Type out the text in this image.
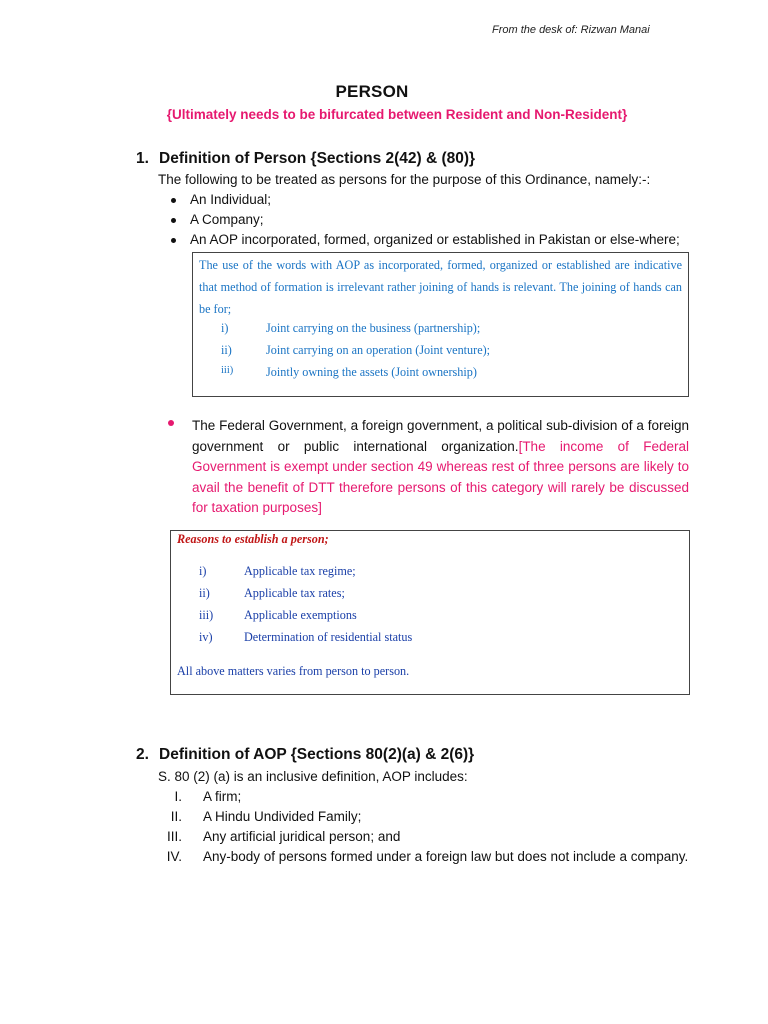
From the desk of: Rizwan Manai
PERSON
{Ultimately needs to be bifurcated between Resident and Non-Resident}
1. Definition of Person {Sections 2(42) & (80)}
The following to be treated as persons for the purpose of this Ordinance, namely:-:
An Individual;
A Company;
An AOP incorporated, formed, organized or established in Pakistan or else-where;
The use of the words with AOP as incorporated, formed, organized or established are indicative that method of formation is irrelevant rather joining of hands is relevant. The joining of hands can be for;
i)	Joint carrying on the business (partnership);
ii)	Joint carrying on an operation (Joint venture);
iii)	Jointly owning the assets (Joint ownership)
The Federal Government, a foreign government, a political sub-division of a foreign government or public international organization.[The income of Federal Government is exempt under section 49 whereas rest of three persons are likely to avail the benefit of DTT therefore persons of this category will rarely be discussed for taxation purposes]
Reasons to establish a person;
i)	Applicable tax regime;
ii)	Applicable tax rates;
iii)	Applicable exemptions
iv)	Determination of residential status
All above matters varies from person to person.
2. Definition of AOP {Sections 80(2)(a) & 2(6)}
S. 80 (2) (a) is an inclusive definition, AOP includes:
I. A firm;
II. A Hindu Undivided Family;
III. Any artificial juridical person; and
IV. Any-body of persons formed under a foreign law but does not include a company.
